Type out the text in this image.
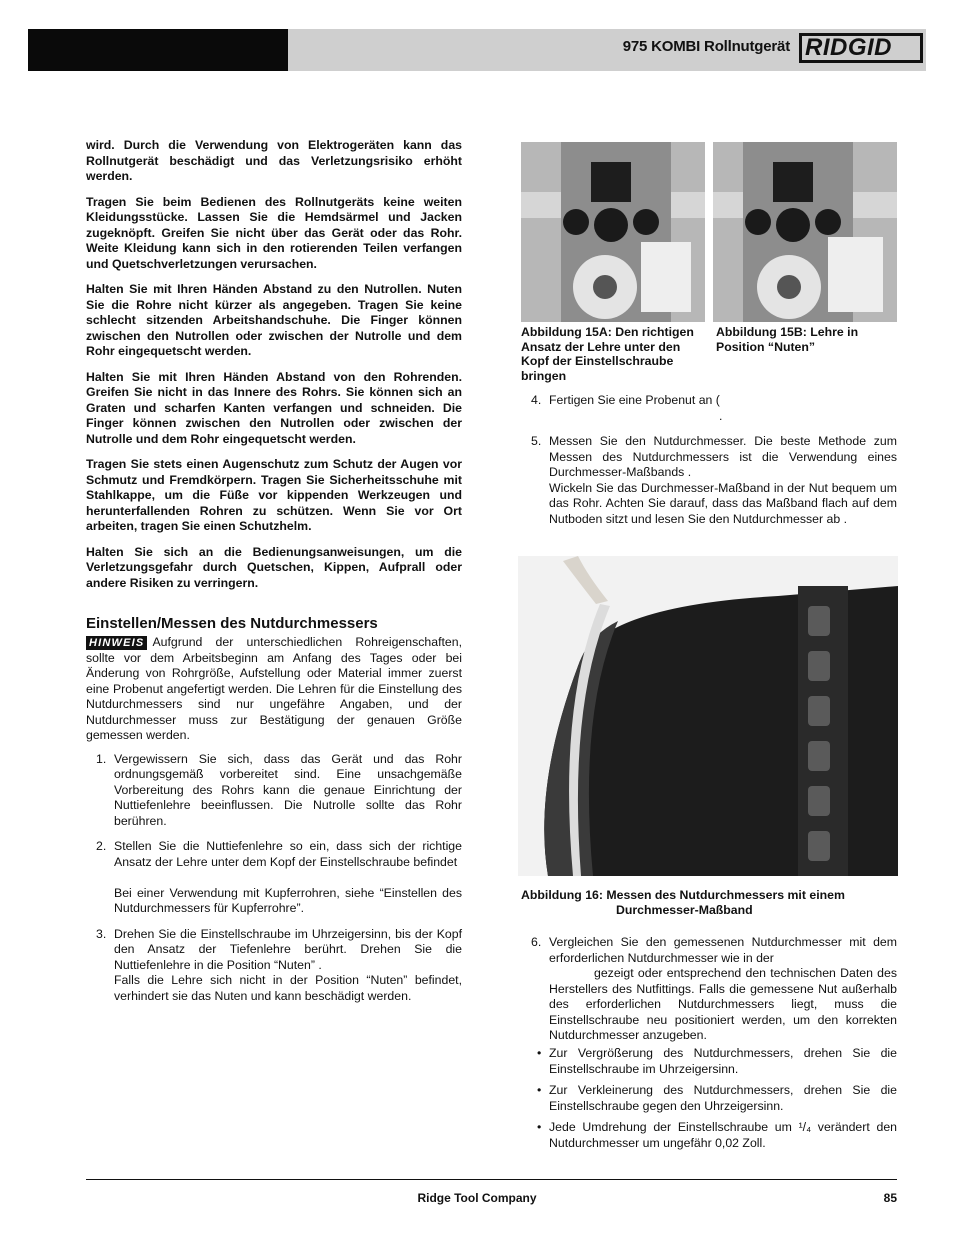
975 KOMBI Rollnutgerät RIDGID

wird. Durch die Verwendung von Elektrogeräten kann das Rollnutgerät beschädigt und das Verletzungsrisiko erhöht werden.

Tragen Sie beim Bedienen des Rollnutgeräts keine weiten Kleidungsstücke. Lassen Sie die Hemdsärmel und Jacken zugeknöpft. Greifen Sie nicht über das Gerät oder das Rohr. Weite Kleidung kann sich in den rotierenden Teilen verfangen und Quetschverletzungen verursachen.

Halten Sie mit Ihren Händen Abstand zu den Nutrollen. Nuten Sie die Rohre nicht kürzer als angegeben. Tragen Sie keine schlecht sitzenden Arbeitshandschuhe. Die Finger können zwischen den Nutrollen oder zwischen der Nutrolle und dem Rohr eingequetscht werden.

Halten Sie mit Ihren Händen Abstand von den Rohrenden. Greifen Sie nicht in das Innere des Rohrs. Sie können sich an Graten und scharfen Kanten verfangen und schneiden. Die Finger können zwischen den Nutrollen oder zwischen der Nutrolle und dem Rohr eingequetscht werden.

Tragen Sie stets einen Augenschutz zum Schutz der Augen vor Schmutz und Fremdkörpern. Tragen Sie Sicherheitsschuhe mit Stahlkappe, um die Füße vor kippenden Werkzeugen und herunterfallenden Rohren zu schützen. Wenn Sie vor Ort arbeiten, tragen Sie einen Schutzhelm.

Halten Sie sich an die Bedienungsanweisungen, um die Verletzungsgefahr durch Quetschen, Kippen, Aufprall oder andere Risiken zu verringern.

Einstellen/Messen des Nutdurchmessers

HINWEIS Aufgrund der unterschiedlichen Rohreigenschaften, sollte vor dem Arbeitsbeginn am Anfang des Tages oder bei Änderung von Rohrgröße, Aufstellung oder Material immer zuerst eine Probenut angefertigt werden. Die Lehren für die Einstellung des Nutdurchmessers sind nur ungefähre Angaben, und der Nutdurchmesser muss zur Bestätigung der genauen Größe gemessen werden.

1. Vergewissern Sie sich, dass das Gerät und das Rohr ordnungsgemäß vorbereitet sind. Eine unsachgemäße Vorbereitung des Rohrs kann die genaue Einrichtung der Nuttiefenlehre beeinflussen. Die Nutrolle sollte das Rohr berühren.
2. Stellen Sie die Nuttiefenlehre so ein, dass sich der richtige Ansatz der Lehre unter dem Kopf der Einstellschraube befindet

Bei einer Verwendung mit Kupferrohren, siehe “Einstellen des Nutdurchmessers für Kupferrohre”.
3. Drehen Sie die Einstellschraube im Uhrzeigersinn, bis der Kopf den Ansatz der Tiefenlehre berührt. Drehen Sie die Nuttiefenlehre in die Position “Nuten” .
Falls die Lehre sich nicht in der Position “Nuten” befindet, verhindert sie das Nuten und kann beschädigt werden.
Abbildung 15A: Den richtigen Ansatz der Lehre unter den Kopf der Einstellschraube bringen
Abbildung 15B: Lehre in Position “Nuten”
4. Fertigen Sie eine Probenut an (
.
5. Messen Sie den Nutdurchmesser. Die beste Methode zum Messen des Nutdurchmessers ist die Verwendung eines Durchmesser-Maßbands .
Wickeln Sie das Durchmesser-Maßband in der Nut bequem um das Rohr. Achten Sie darauf, dass das Maßband flach auf dem Nutboden sitzt und lesen Sie den Nutdurchmesser ab .
Abbildung 16: Messen des Nutdurchmessers mit einem
Durchmesser-Maßband
6. Vergleichen Sie den gemessenen Nutdurchmesser mit dem erforderlichen Nutdurchmesser wie in der
gezeigt oder entsprechend den technischen Daten des Herstellers des Nutfittings. Falls die gemessene Nut außerhalb des erforderlichen Nutdurchmessers liegt, muss die Einstellschraube neu positioniert werden, um den korrekten Nutdurchmesser anzugeben.
• Zur Vergrößerung des Nutdurchmessers, drehen Sie die Einstellschraube im Uhrzeigersinn.
• Zur Verkleinerung des Nutdurchmessers, drehen Sie die Einstellschraube gegen den Uhrzeigersinn.
• Jede Umdrehung der Einstellschraube um ¹/₄ verändert den Nutdurchmesser um ungefähr 0,02 Zoll.
Ridge Tool Company	85
